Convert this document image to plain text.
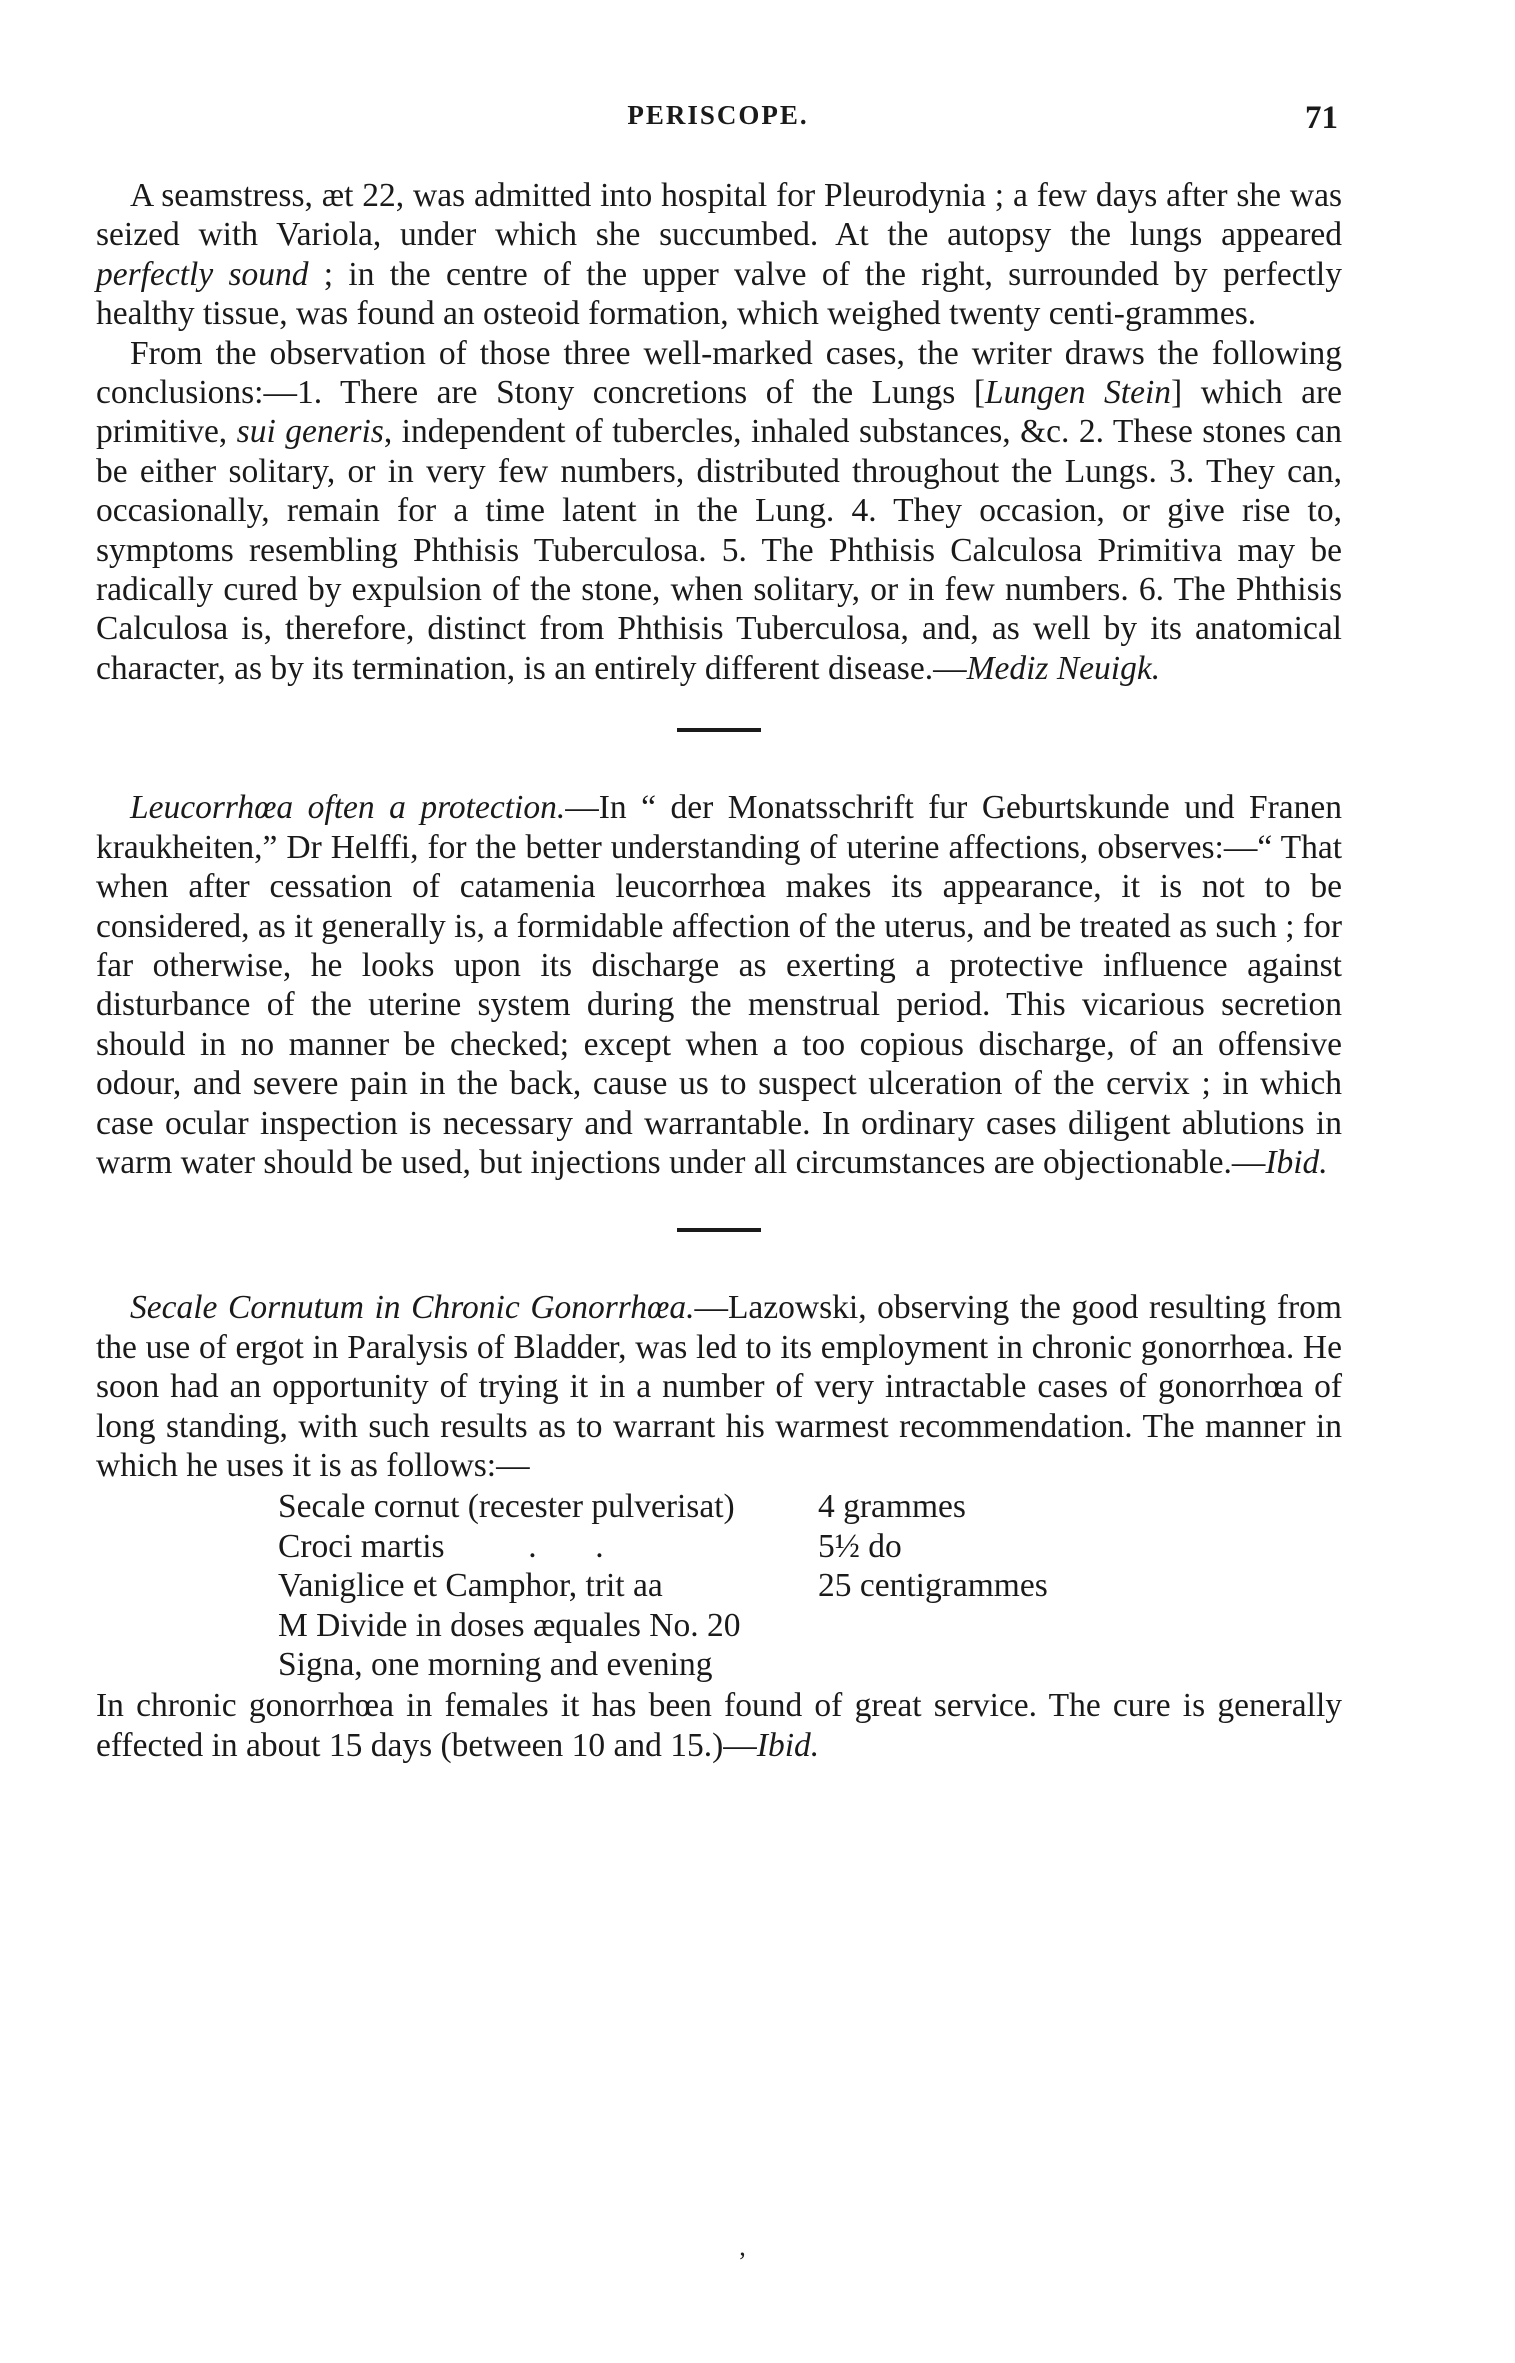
PERISCOPE.	71

A seamstress, æt 22, was admitted into hospital for Pleurodynia ; a few days after she was seized with Variola, under which she succumbed. At the autopsy the lungs appeared perfectly sound ; in the centre of the upper valve of the right, surrounded by perfectly healthy tissue, was found an osteoid formation, which weighed twenty centi-grammes.

From the observation of those three well-marked cases, the writer draws the following conclusions:—1. There are Stony concretions of the Lungs [Lungen Stein] which are primitive, sui generis, independent of tubercles, inhaled substances, &c. 2. These stones can be either solitary, or in very few numbers, distributed throughout the Lungs. 3. They can, occasionally, remain for a time latent in the Lung. 4. They occasion, or give rise to, symptoms resembling Phthisis Tuberculosa. 5. The Phthisis Calculosa Primitiva may be radically cured by expulsion of the stone, when solitary, or in few numbers. 6. The Phthisis Calculosa is, therefore, distinct from Phthisis Tuberculosa, and, as well by its anatomical character, as by its termination, is an entirely different disease.—Mediz Neuigk.

Leucorrhœa often a protection.—In “ der Monatsschrift fur Geburtskunde und Franen kraukheiten,” Dr Helffi, for the better understanding of uterine affections, observes:—“ That when after cessation of catamenia leucorrhœa makes its appearance, it is not to be considered, as it generally is, a formidable affection of the uterus, and be treated as such ; for far otherwise, he looks upon its discharge as exerting a protective influence against disturbance of the uterine system during the menstrual period. This vicarious secretion should in no manner be checked; except when a too copious discharge, of an offensive odour, and severe pain in the back, cause us to suspect ulceration of the cervix ; in which case ocular inspection is necessary and warrantable. In ordinary cases diligent ablutions in warm water should be used, but injections under all circumstances are objectionable.—Ibid.

Secale Cornutum in Chronic Gonorrhœa.—Lazowski, observing the good resulting from the use of ergot in Paralysis of Bladder, was led to its employment in chronic gonorrhœa. He soon had an opportunity of trying it in a number of very intractable cases of gonorrhœa of long standing, with such results as to warrant his warmest recommendation. The manner in which he uses it is as follows:—

Secale cornut (recester pulverisat)	4 grammes
Croci martis          .       .	5½ do
Vaniglice et Camphor, trit aa	25 centigrammes
M Divide in doses æquales No. 20
Signa, one morning and evening

In chronic gonorrhœa in females it has been found of great service. The cure is generally effected in about 15 days (between 10 and 15.)—Ibid.

‚
